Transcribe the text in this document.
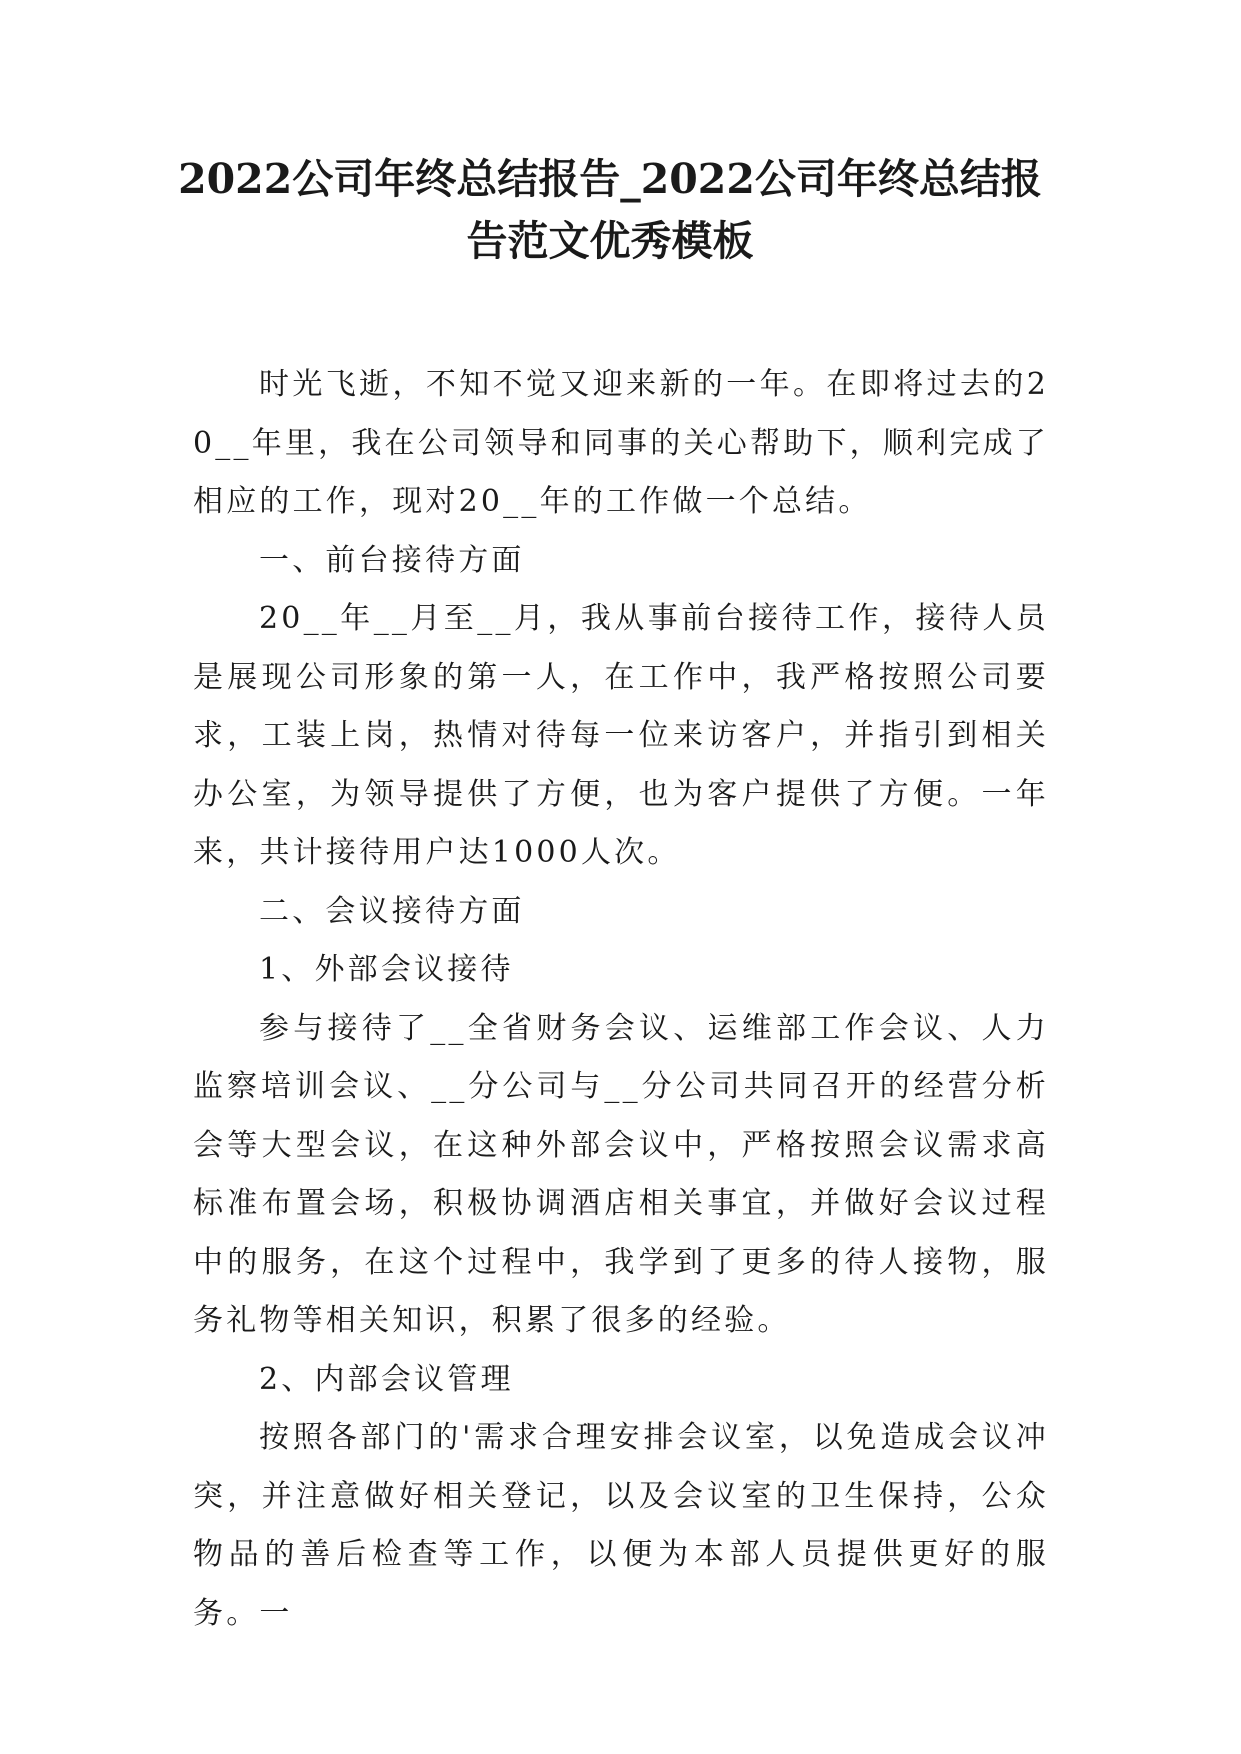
2022公司年终总结报告_2022公司年终总结报告范文优秀模板

时光飞逝，不知不觉又迎来新的一年。在即将过去的20__年里，我在公司领导和同事的关心帮助下，顺利完成了相应的工作，现对20__年的工作做一个总结。

一、前台接待方面

20__年__月至__月，我从事前台接待工作，接待人员是展现公司形象的第一人，在工作中，我严格按照公司要求，工装上岗，热情对待每一位来访客户，并指引到相关办公室，为领导提供了方便，也为客户提供了方便。一年来，共计接待用户达1000人次。

二、会议接待方面

1、外部会议接待

参与接待了__全省财务会议、运维部工作会议、人力监察培训会议、__分公司与__分公司共同召开的经营分析会等大型会议，在这种外部会议中，严格按照会议需求高标准布置会场，积极协调酒店相关事宜，并做好会议过程中的服务，在这个过程中，我学到了更多的待人接物，服务礼物等相关知识，积累了很多的经验。

2、内部会议管理

按照各部门的'需求合理安排会议室，以免造成会议冲突，并注意做好相关登记，以及会议室的卫生保持，公众物品的善后检查等工作，以便为本部人员提供更好的服务。一
